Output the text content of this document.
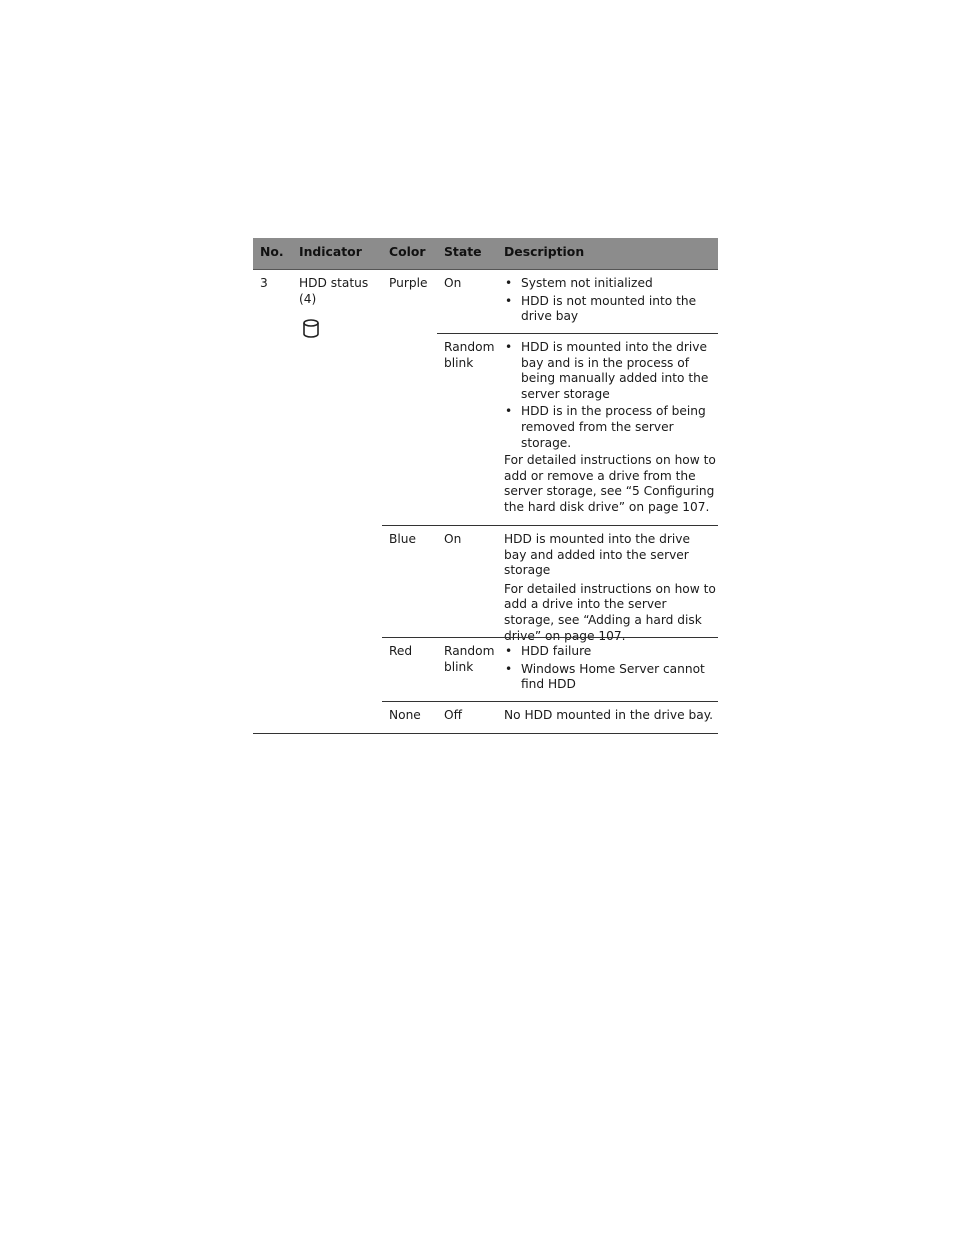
No. Indicator Color State Description
3	HDD status
(4)
Purple On
•	System not initialized
• HDD is not mounted into the drive bay
Random
blink
• HDD is mounted into the drive bay and is in the process of being manually added into the server storage
• HDD is in the process of being removed from the server storage.

For detailed instructions on how to add or remove a drive from the server storage, see “5 Configuring the hard disk drive” on page 107.

Blue On	HDD is mounted into the drive bay and added into the server storage

For detailed instructions on how to add a drive into the server storage, see “Adding a hard disk drive” on page 107.

Red	Random
blink
• HDD failure
• Windows Home Server cannot find HDD
None Off	No HDD mounted in the drive bay.
